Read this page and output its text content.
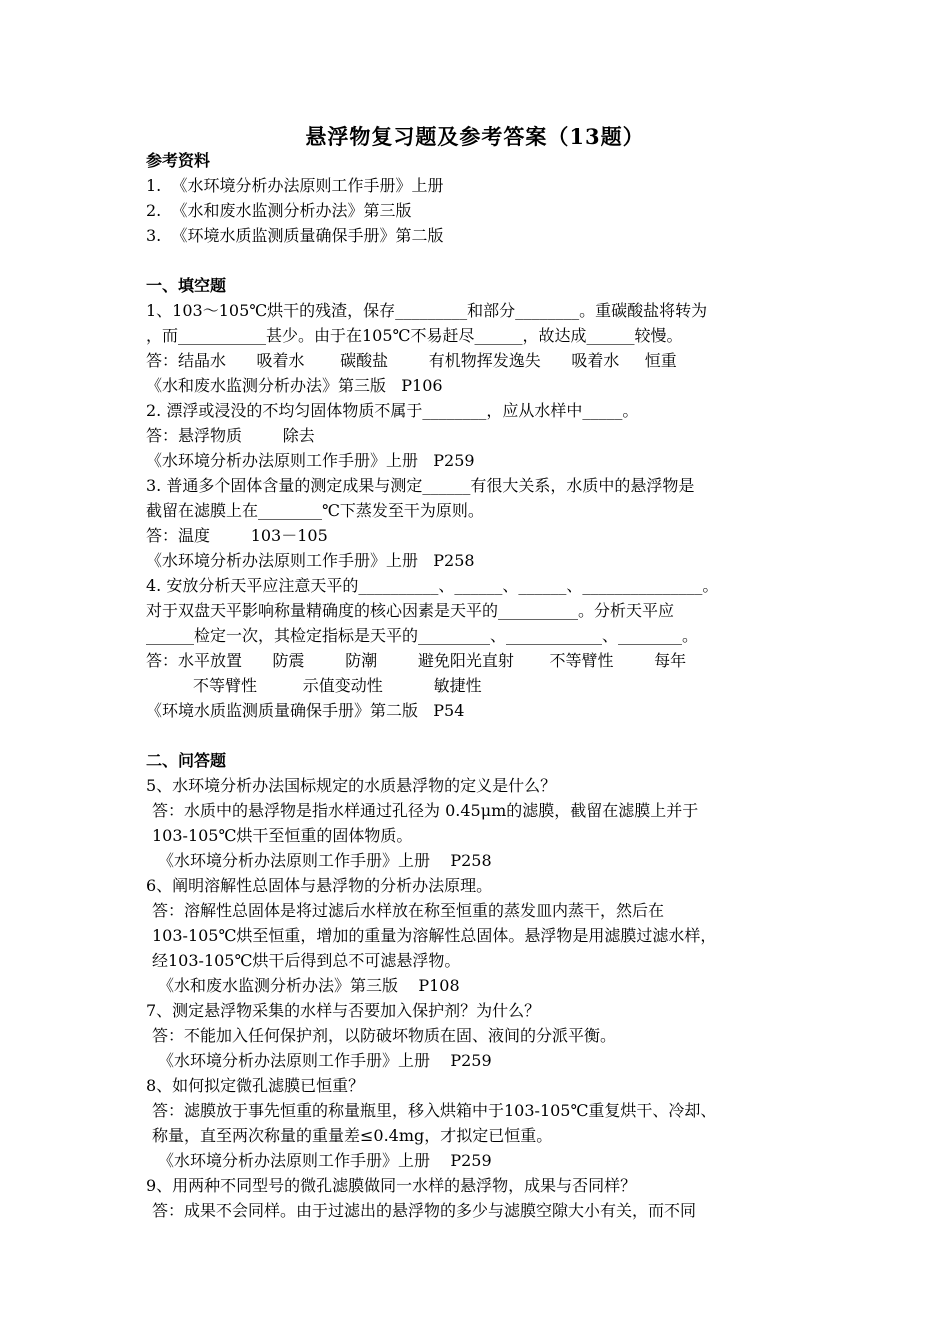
悬浮物复习题及参考答案（13题）
参考资料
1.  《水环境分析办法原则工作手册》上册
2.  《水和废水监测分析办法》第三版
3.  《环境水质监测质量确保手册》第二版
一、填空题
1、103～105℃烘干的残渣，保存_________和部分________。重碳酸盐将转为
，而___________甚少。由于在105℃不易赶尽______，故达成______较慢。
答：结晶水      吸着水       碳酸盐        有机物挥发逸失      吸着水     恒重
《水和废水监测分析办法》第三版   P106
2. 漂浮或浸没的不均匀固体物质不属于________，应从水样中_____。
答：悬浮物质        除去
《水环境分析办法原则工作手册》上册   P259
3. 普通多个固体含量的测定成果与测定______有很大关系，水质中的悬浮物是
截留在滤膜上在________℃下蒸发至干为原则。
答：温度        103－105
《水环境分析办法原则工作手册》上册   P258
4. 安放分析天平应注意天平的__________、______、______、_______________。
对于双盘天平影响称量精确度的核心因素是天平的__________。分析天平应
______检定一次，其检定指标是天平的_________、____________、________。
答：水平放置      防震        防潮        避免阳光直射       不等臂性        每年
不等臂性         示值变动性          敏捷性
《环境水质监测质量确保手册》第二版   P54
二、问答题
5、水环境分析办法国标规定的水质悬浮物的定义是什么？
答：水质中的悬浮物是指水样通过孔径为 0.45μm的滤膜，截留在滤膜上并于
103-105℃烘干至恒重的固体物质。
《水环境分析办法原则工作手册》上册    P258
6、阐明溶解性总固体与悬浮物的分析办法原理。
答：溶解性总固体是将过滤后水样放在称至恒重的蒸发皿内蒸干，然后在
103-105℃烘至恒重，增加的重量为溶解性总固体。悬浮物是用滤膜过滤水样，
经103-105℃烘干后得到总不可滤悬浮物。
《水和废水监测分析办法》第三版    P108
7、测定悬浮物采集的水样与否要加入保护剂？为什么？
答：不能加入任何保护剂，以防破坏物质在固、液间的分派平衡。
《水环境分析办法原则工作手册》上册    P259
8、如何拟定微孔滤膜已恒重？
答：滤膜放于事先恒重的称量瓶里，移入烘箱中于103-105℃重复烘干、冷却、
称量，直至两次称量的重量差≤0.4mg，才拟定已恒重。
《水环境分析办法原则工作手册》上册    P259
9、用两种不同型号的微孔滤膜做同一水样的悬浮物，成果与否同样？
答：成果不会同样。由于过滤出的悬浮物的多少与滤膜空隙大小有关，而不同
